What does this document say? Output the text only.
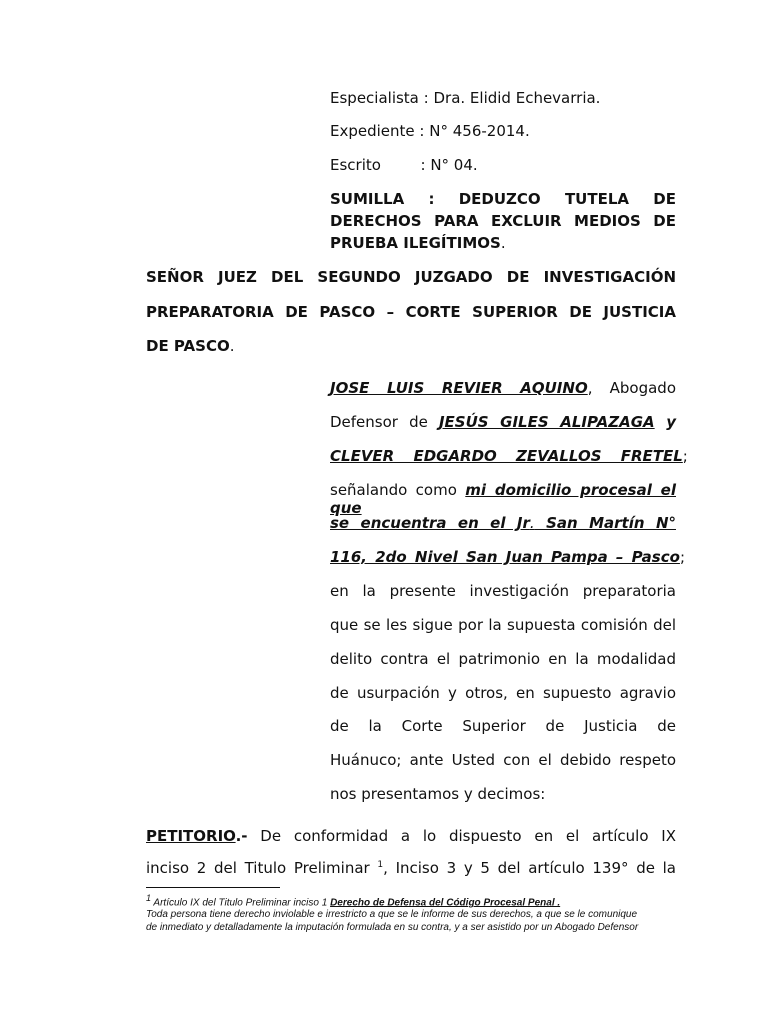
Especialista : Dra. Elidid Echevarria.
Expediente : N° 456-2014.
Escrito	: N° 04.
SUMILLA : DEDUZCO TUTELA DE
DERECHOS PARA EXCLUIR MEDIOS DE
PRUEBA ILEGÍTIMOS.
SEÑOR JUEZ DEL SEGUNDO JUZGADO DE INVESTIGACIÓN
PREPARATORIA DE PASCO – CORTE SUPERIOR DE JUSTICIA
DE PASCO.
JOSE LUIS REVIER AQUINO, Abogado
Defensor de JESÚS GILES ALIPAZAGA y
CLEVER EDGARDO ZEVALLOS FRETEL ;
señalando como mi domicilio procesal el que
se encuentra en el Jr. San Martín N°
116, 2do Nivel San Juan Pampa – Pasco ;
en la presente investigación preparatoria
que se les sigue por la supuesta comisión del
delito contra el patrimonio en la modalidad
de usurpación y otros, en supuesto agravio
de la Corte Superior de Justicia de
Huánuco; ante Usted con el debido respeto
nos presentamos y decimos:
PETITORIO.- De conformidad a lo dispuesto en el artículo IX
inciso 2 del Titulo Preliminar $^1$, Inciso 3 y 5 del artículo 139° de la
$^1$ Artículo IX del Titulo Preliminar inciso 1 Derecho de Defensa del Código Procesal Penal .
Toda persona tiene derecho inviolable e irrestricto a que se le informe de sus derechos, a que se le comunique
de inmediato y detalladamente la imputación formulada en su contra, y a ser asistido por un Abogado Defensor
